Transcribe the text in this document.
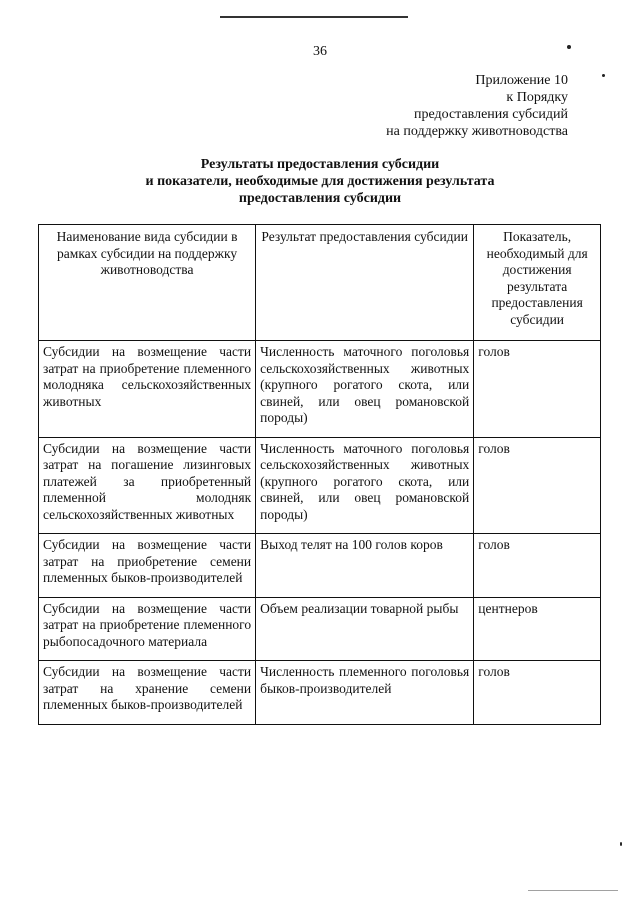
36
Приложение 10
к Порядку
предоставления субсидий
на поддержку животноводства
Результаты предоставления субсидии
и показатели, необходимые для достижения результата
предоставления субсидии
Наименование вида субсидии в рамках субсидии на поддержку животноводства	Результат предоставления субсидии	Показатель, необходимый для достижения результата предоставления субсидии
Субсидии на возмещение части затрат на приобретение племенного молодняка сельскохозяйственных животных	Численность маточного поголовья сельскохозяйственных животных (крупного рогатого скота, или свиней, или овец романовской породы)	голов
Субсидии на возмещение части затрат на погашение лизинговых платежей за приобретенный племенной молодняк сельскохозяйственных животных	Численность маточного поголовья сельскохозяйственных животных (крупного рогатого скота, или свиней, или овец романовской породы)	голов
Субсидии на возмещение части затрат на приобретение семени племенных быков-производителей	Выход телят на 100 голов коров	голов
Субсидии на возмещение части затрат на приобретение племенного рыбопосадочного материала	Объем реализации товарной рыбы	центнеров
Субсидии на возмещение части затрат на хранение семени племенных быков-производителей	Численность племенного поголовья быков-производителей	голов
